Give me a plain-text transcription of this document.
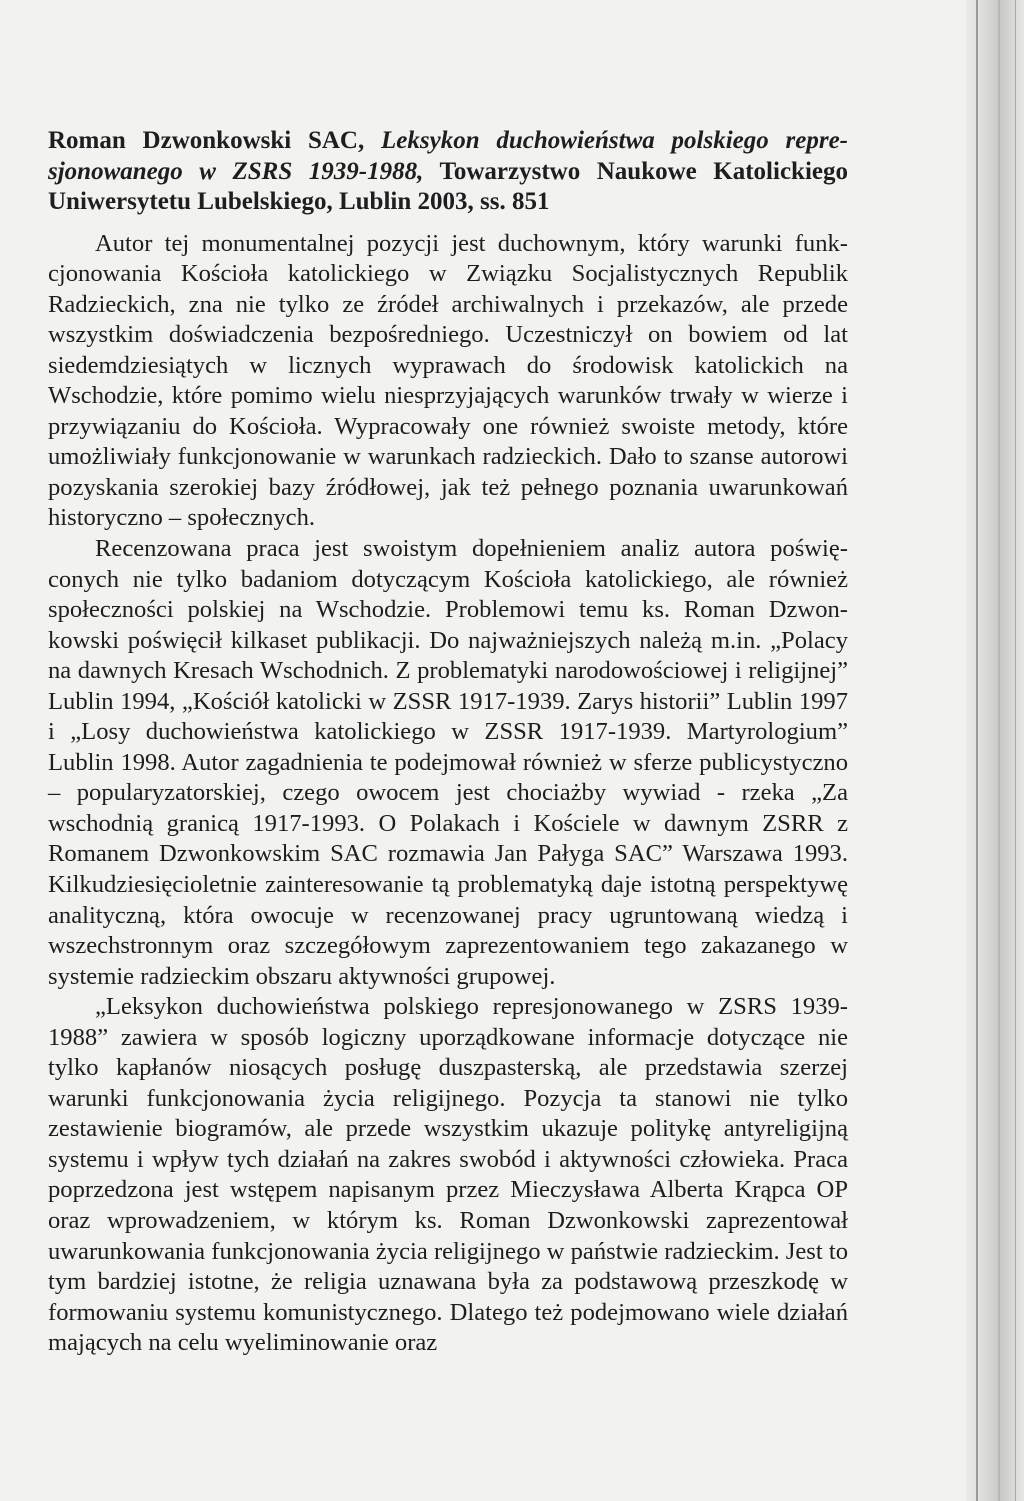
Roman Dzwonkowski SAC, Leksykon duchowieństwa polskiego represjonowanego w ZSRS 1939-1988, Towarzystwo Naukowe Katolickiego Uniwersytetu Lubelskiego, Lublin 2003, ss. 851

Autor tej monumentalnej pozycji jest duchownym, który warunki funkcjonowania Kościoła katolickiego w Związku Socjalistycznych Republik Radzieckich, zna nie tylko ze źródeł archiwalnych i przekazów, ale przede wszystkim doświadczenia bezpośredniego. Uczestniczył on bowiem od lat siedemdziesiątych w licznych wyprawach do środowisk katolickich na Wschodzie, które pomimo wielu niesprzyjających warunków trwały w wierze i przywiązaniu do Kościoła. Wypracowały one również swoiste metody, które umożliwiały funkcjonowanie w warunkach radzieckich. Dało to szanse autorowi pozyskania szerokiej bazy źródłowej, jak też pełnego poznania uwarunkowań historyczno – społecznych.

Recenzowana praca jest swoistym dopełnieniem analiz autora poświęconych nie tylko badaniom dotyczącym Kościoła katolickiego, ale również społeczności polskiej na Wschodzie. Problemowi temu ks. Roman Dzwonkowski poświęcił kilkaset publikacji. Do najważniejszych należą m.in. „Polacy na dawnych Kresach Wschodnich. Z problematyki narodowościowej i religijnej” Lublin 1994, „Kościół katolicki w ZSSR 1917-1939. Zarys historii” Lublin 1997 i „Losy duchowieństwa katolickiego w ZSSR 1917-1939. Martyrologium” Lublin 1998. Autor zagadnienia te podejmował również w sferze publicystyczno – popularyzatorskiej, czego owocem jest chociażby wywiad - rzeka „Za wschodnią granicą 1917-1993. O Polakach i Kościele w dawnym ZSRR z Romanem Dzwonkowskim SAC rozmawia Jan Pałyga SAC” Warszawa 1993. Kilkudziesięcioletnie zainteresowanie tą problematyką daje istotną perspektywę analityczną, która owocuje w recenzowanej pracy ugruntowaną wiedzą i wszechstronnym oraz szczegółowym zaprezentowaniem tego zakazanego w systemie radzieckim obszaru aktywności grupowej.

„Leksykon duchowieństwa polskiego represjonowanego w ZSRS 1939-1988” zawiera w sposób logiczny uporządkowane informacje dotyczące nie tylko kapłanów niosących posługę duszpasterską, ale przedstawia szerzej warunki funkcjonowania życia religijnego. Pozycja ta stanowi nie tylko zestawienie biogramów, ale przede wszystkim ukazuje politykę antyreligijną systemu i wpływ tych działań na zakres swobód i aktywności człowieka. Praca poprzedzona jest wstępem napisanym przez Mieczysława Alberta Krąpca OP oraz wprowadzeniem, w którym ks. Roman Dzwonkowski zaprezentował uwarunkowania funkcjonowania życia religijnego w państwie radzieckim. Jest to tym bardziej istotne, że religia uznawana była za podstawową przeszkodę w formowaniu systemu komunistycznego. Dlatego też podejmowano wiele działań mających na celu wyeliminowanie oraz
